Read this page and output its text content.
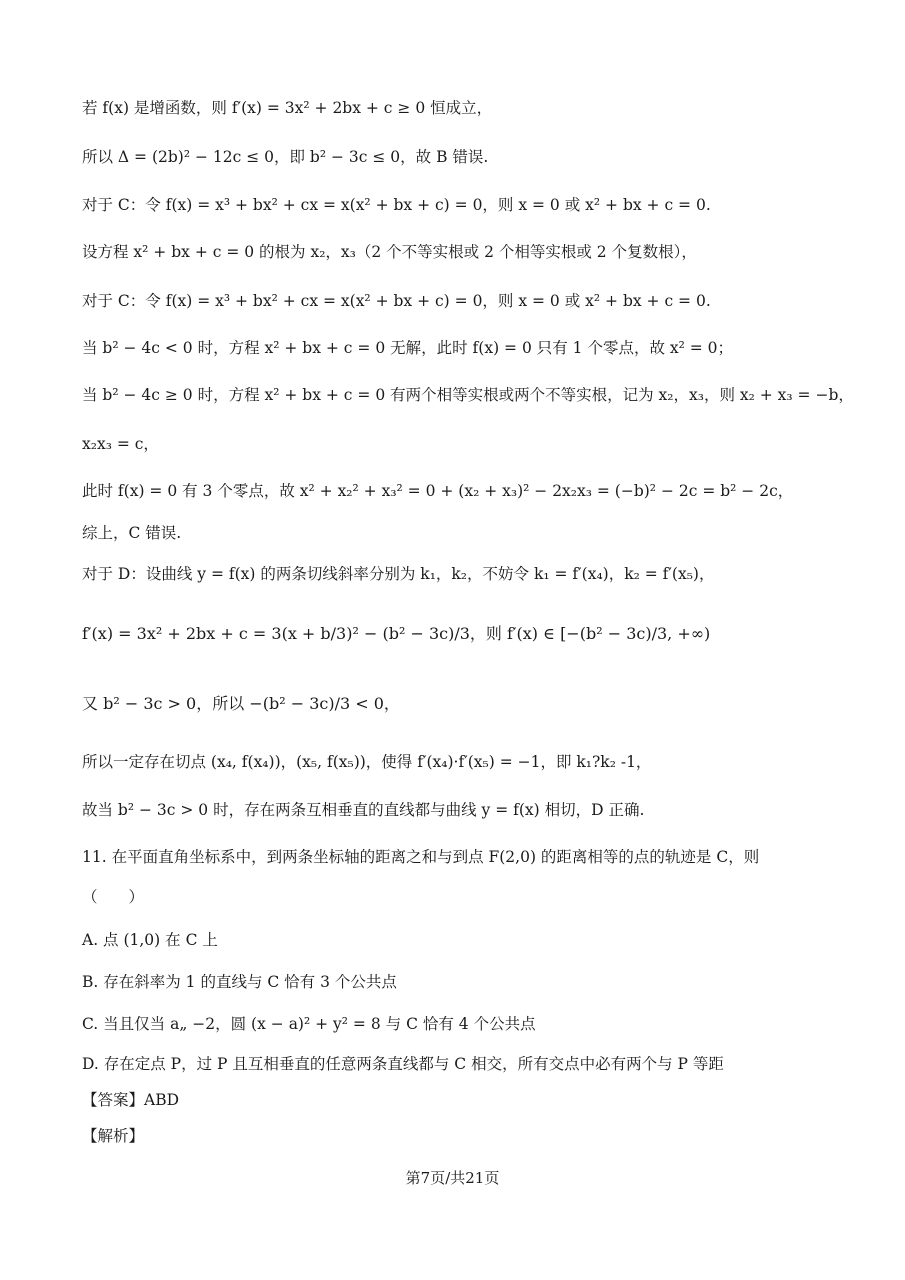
若 f(x) 是增函数，则 f′(x) = 3x² + 2bx + c ≥ 0 恒成立，
所以 Δ = (2b)² − 12c ≤ 0，即 b² − 3c ≤ 0，故 B 错误.
对于 C：令 f(x) = x³ + bx² + cx = x(x² + bx + c) = 0，则 x = 0 或 x² + bx + c = 0.
设方程 x² + bx + c = 0 的根为 x₂，x₃（2 个不等实根或 2 个相等实根或 2 个复数根），
对于 C：令 f(x) = x³ + bx² + cx = x(x² + bx + c) = 0，则 x = 0 或 x² + bx + c = 0.
当 b² − 4c < 0 时，方程 x² + bx + c = 0 无解，此时 f(x) = 0 只有 1 个零点，故 x² = 0；
当 b² − 4c ≥ 0 时，方程 x² + bx + c = 0 有两个相等实根或两个不等实根，记为 x₂，x₃，则 x₂ + x₃ = −b，
x₂x₃ = c，
此时 f(x) = 0 有 3 个零点，故 x² + x₂² + x₃² = 0 + (x₂ + x₃)² − 2x₂x₃ = (−b)² − 2c = b² − 2c，
综上，C 错误.
对于 D：设曲线 y = f(x) 的两条切线斜率分别为 k₁，k₂，不妨令 k₁ = f′(x₄)，k₂ = f′(x₅)，
f′(x) = 3x² + 2bx + c = 3(x + b/3)² − (b² − 3c)/3，则 f′(x) ∈ [−(b² − 3c)/3, +∞)
又 b² − 3c > 0，所以 −(b² − 3c)/3 < 0，
所以一定存在切点 (x₄, f(x₄))，(x₅, f(x₅))，使得 f′(x₄)·f′(x₅) = −1，即 k₁?k₂ -1，
故当 b² − 3c > 0 时，存在两条互相垂直的直线都与曲线 y = f(x) 相切，D 正确.
11. 在平面直角坐标系中，到两条坐标轴的距离之和与到点 F(2,0) 的距离相等的点的轨迹是 C，则
（　　）
A. 点 (1,0) 在 C 上
B. 存在斜率为 1 的直线与 C 恰有 3 个公共点
C. 当且仅当 a„ −2，圆 (x − a)² + y² = 8 与 C 恰有 4 个公共点
D. 存在定点 P，过 P 且互相垂直的任意两条直线都与 C 相交，所有交点中必有两个与 P 等距
【答案】ABD
【解析】
第7页/共21页
